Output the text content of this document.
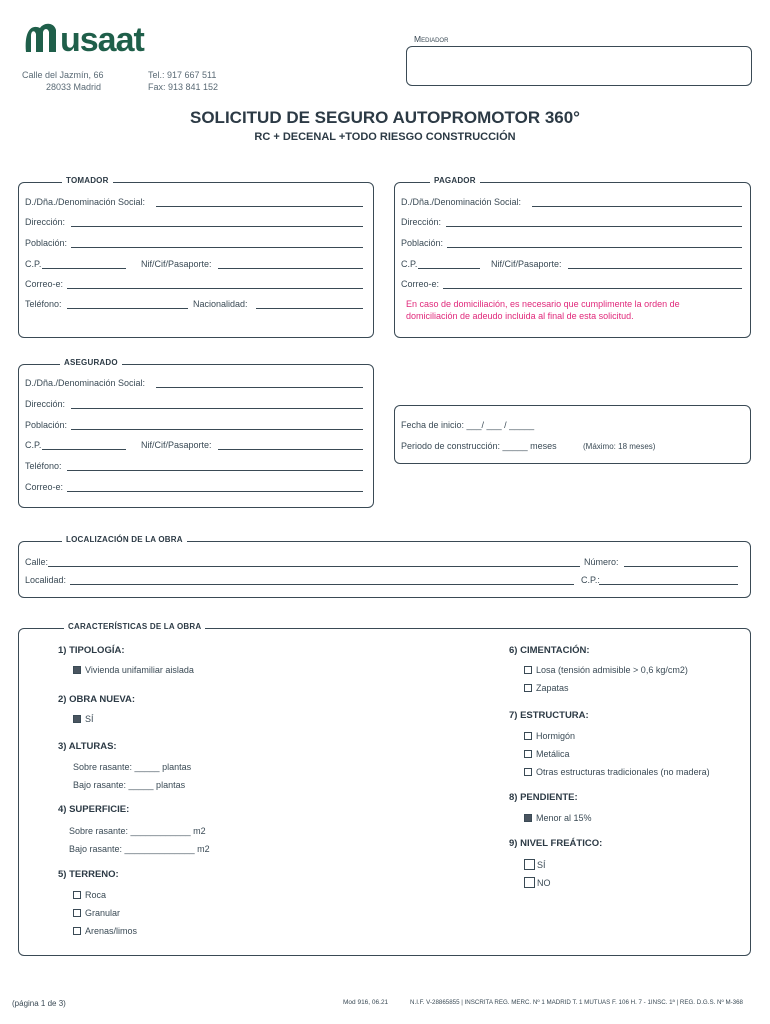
usaat
Calle del Jazmín, 66
28033 Madrid
Tel.: 917 667 511
Fax: 913 841 152
Mediador
SOLICITUD DE SEGURO AUTOPROMOTOR 360°
RC + DECENAL +TODO RIESGO CONSTRUCCIÓN
TOMADOR
D./Dña./Denominación Social:
Dirección:
Población:
C.P.	Nif/Cif/Pasaporte:
Correo-e:
Teléfono:	Nacionalidad:
PAGADOR
D./Dña./Denominación Social:
Dirección:
Población:
C.P.	Nif/Cif/Pasaporte:
Correo-e:
En caso de domiciliación, es necesario que cumplimente la orden de
domiciliación de adeudo incluida al final de esta solicitud.
ASEGURADO
D./Dña./Denominación Social:
Dirección:
Población:
C.P.	Nif/Cif/Pasaporte:
Teléfono:
Correo-e:
Fecha de inicio: ___/ ___ / _____
Periodo de construcción: _____ meses	(Máximo: 18 meses)
LOCALIZACIÓN DE LA OBRA
Calle:	Número:
Localidad:	C.P.:
CARACTERÍSTICAS DE LA OBRA
1) TIPOLOGÍA:
Vivienda unifamiliar aislada
2) OBRA NUEVA:
SÍ
3) ALTURAS:
Sobre rasante: _____ plantas
Bajo rasante: _____ plantas
4) SUPERFICIE:
Sobre rasante: ____________ m2
Bajo rasante: ______________ m2
5) TERRENO:
Roca
Granular
Arenas/limos
6) CIMENTACIÓN:
Losa (tensión admisible > 0,6 kg/cm2)
Zapatas
7) ESTRUCTURA:
Hormigón
Metálica
Otras estructuras tradicionales (no madera)
8) PENDIENTE:
Menor al 15%
9) NIVEL FREÁTICO:
SÍ
NO
(página 1 de 3)	Mod 916, 06.21	N.I.F. V-28865855 | INSCRITA REG. MERC. Nº 1 MADRID T. 1 MUTUAS F. 106 H. 7 - 1INSC. 1ª | REG. D.G.S. Nº M-368
